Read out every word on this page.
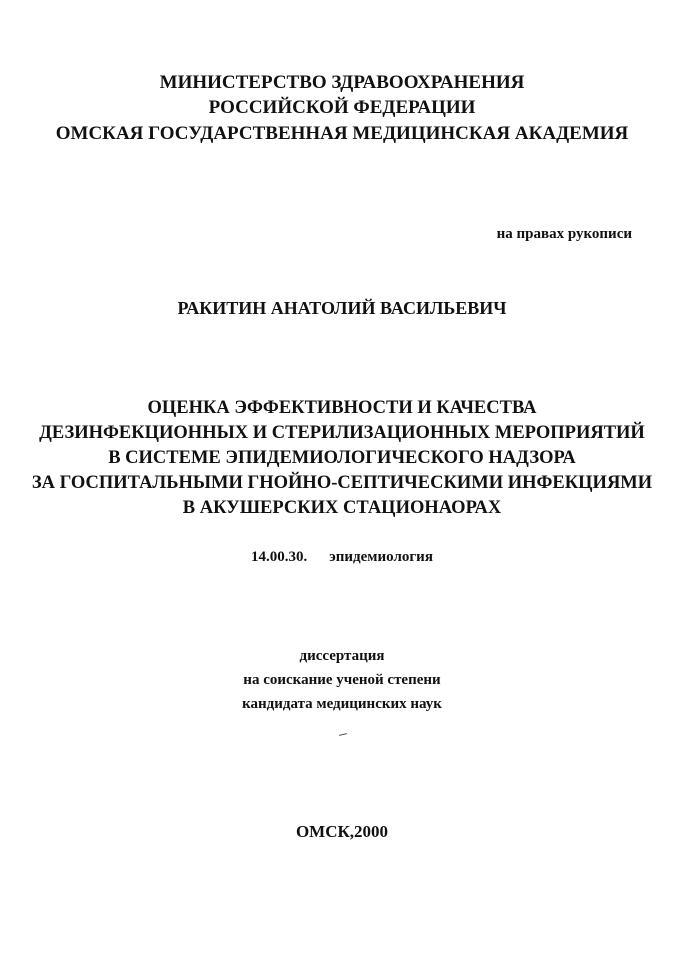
МИНИСТЕРСТВО ЗДРАВООХРАНЕНИЯ
РОССИЙСКОЙ ФЕДЕРАЦИИ
ОМСКАЯ ГОСУДАРСТВЕННАЯ МЕДИЦИНСКАЯ АКАДЕМИЯ
на правах рукописи
РАКИТИН АНАТОЛИЙ ВАСИЛЬЕВИЧ
ОЦЕНКА ЭФФЕКТИВНОСТИ И КАЧЕСТВА
ДЕЗИНФЕКЦИОННЫХ И СТЕРИЛИЗАЦИОННЫХ МЕРОПРИЯТИЙ
В СИСТЕМЕ ЭПИДЕМИОЛОГИЧЕСКОГО НАДЗОРА
ЗА ГОСПИТАЛЬНЫМИ ГНОЙНО-СЕПТИЧЕСКИМИ ИНФЕКЦИЯМИ
В АКУШЕРСКИХ СТАЦИОНАОРАХ
14.00.30. эпидемиология
диссертация
на соискание ученой степени
кандидата медицинских наук
ОМСК,2000
